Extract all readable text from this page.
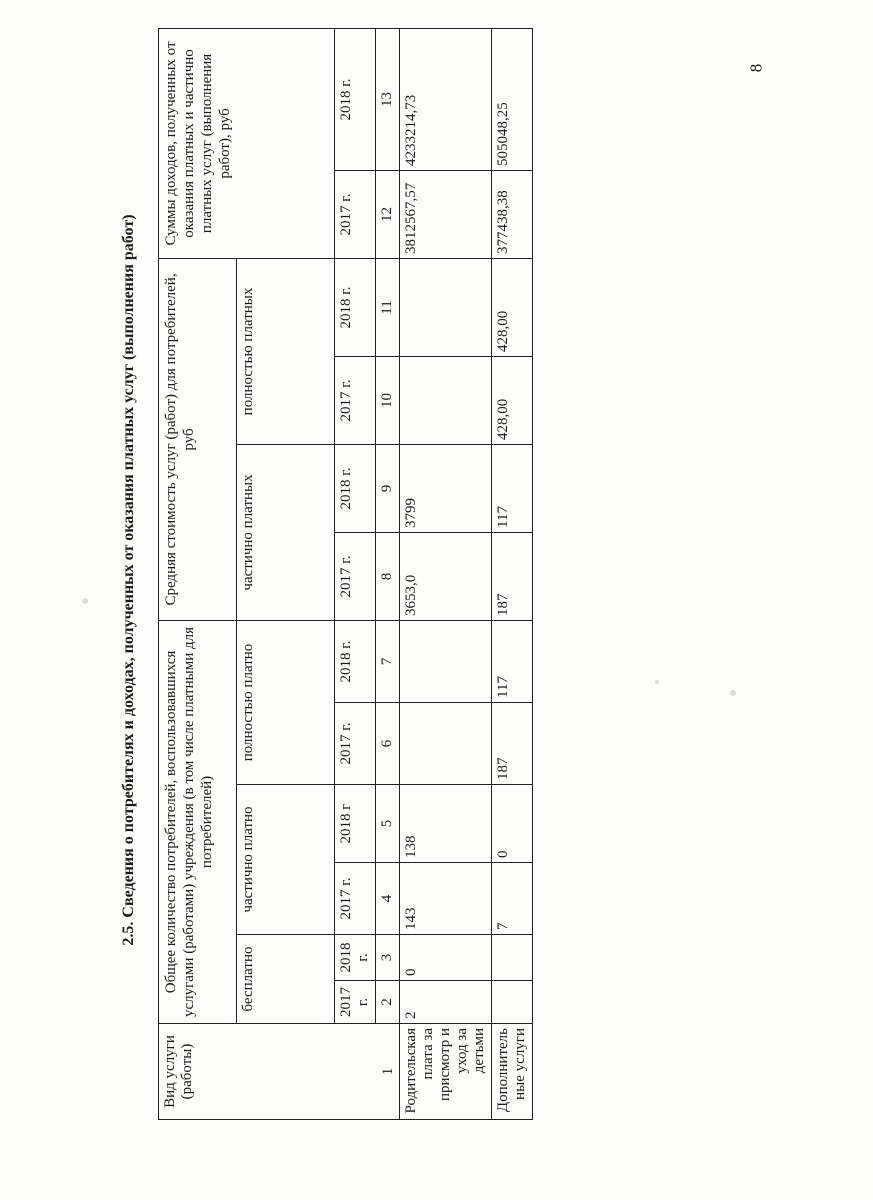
8
2.5. Сведения о потребителях и доходах, полученных от оказания платных услуг (выполнения работ)
Вид услуги (работы) 1	Общее количество потребителей, воспользовавшихся услугами (работами) учреждения (в том числе платными для потребителей)						Средняя стоимость услуг (работ) для потребителей, руб				Суммы доходов, полученных от оказания платных и частично платных услуг (выполнения работ), руб	
	бесплатно		частично платно		полностью платно		частично платных		полностью платных			
	2017 г.	2018 г.	2017 г.	2018 г	2017 г.	2018 г.	2017 г.	2018 г.	2017 г.	2018 г.	2017 г.	2018 г.
	2	3	4	5	6	7	8	9	10	11	12	13

Родительская плата за присмотр и уход за детьми	2	0	143	138			3653,0	3799			3812567,57	4233214,73
Дополнительные услуги			7	0	187	117	187	117	428,00	428,00	377438,38	505048,25
